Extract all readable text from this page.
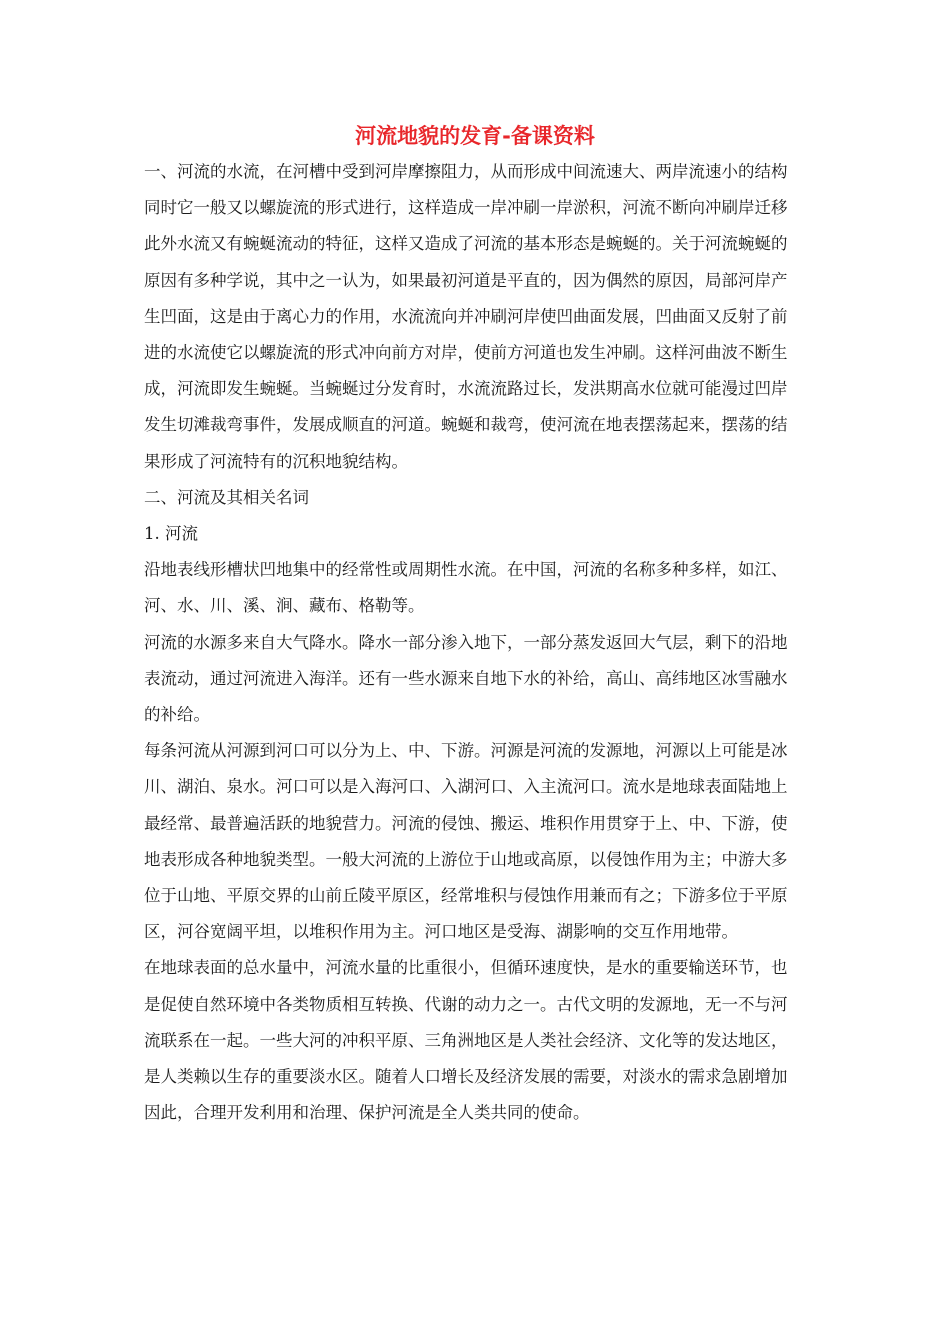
河流地貌的发育-备课资料

一、河流的水流，在河槽中受到河岸摩擦阻力，从而形成中间流速大、两岸流速小的结构

同时它一般又以螺旋流的形式进行，这样造成一岸冲刷一岸淤积，河流不断向冲刷岸迁移

此外水流又有蜿蜒流动的特征，这样又造成了河流的基本形态是蜿蜒的。关于河流蜿蜒的

原因有多种学说，其中之一认为，如果最初河道是平直的，因为偶然的原因，局部河岸产

生凹面，这是由于离心力的作用，水流流向并冲刷河岸使凹曲面发展，凹曲面又反射了前

进的水流使它以螺旋流的形式冲向前方对岸，使前方河道也发生冲刷。这样河曲波不断生

成，河流即发生蜿蜒。当蜿蜒过分发育时，水流流路过长，发洪期高水位就可能漫过凹岸

发生切滩裁弯事件，发展成顺直的河道。蜿蜒和裁弯，使河流在地表摆荡起来，摆荡的结

果形成了河流特有的沉积地貌结构。

二、河流及其相关名词

1. 河流

沿地表线形槽状凹地集中的经常性或周期性水流。在中国，河流的名称多种多样，如江、

河、水、川、溪、涧、藏布、格勒等。

河流的水源多来自大气降水。降水一部分渗入地下，一部分蒸发返回大气层，剩下的沿地

表流动，通过河流进入海洋。还有一些水源来自地下水的补给，高山、高纬地区冰雪融水

的补给。

每条河流从河源到河口可以分为上、中、下游。河源是河流的发源地，河源以上可能是冰

川、湖泊、泉水。河口可以是入海河口、入湖河口、入主流河口。流水是地球表面陆地上

最经常、最普遍活跃的地貌营力。河流的侵蚀、搬运、堆积作用贯穿于上、中、下游，使

地表形成各种地貌类型。一般大河流的上游位于山地或高原，以侵蚀作用为主；中游大多

位于山地、平原交界的山前丘陵平原区，经常堆积与侵蚀作用兼而有之；下游多位于平原

区，河谷宽阔平坦，以堆积作用为主。河口地区是受海、湖影响的交互作用地带。

在地球表面的总水量中，河流水量的比重很小，但循环速度快，是水的重要输送环节，也

是促使自然环境中各类物质相互转换、代谢的动力之一。古代文明的发源地，无一不与河

流联系在一起。一些大河的冲积平原、三角洲地区是人类社会经济、文化等的发达地区，

是人类赖以生存的重要淡水区。随着人口增长及经济发展的需要，对淡水的需求急剧增加

因此，合理开发利用和治理、保护河流是全人类共同的使命。
